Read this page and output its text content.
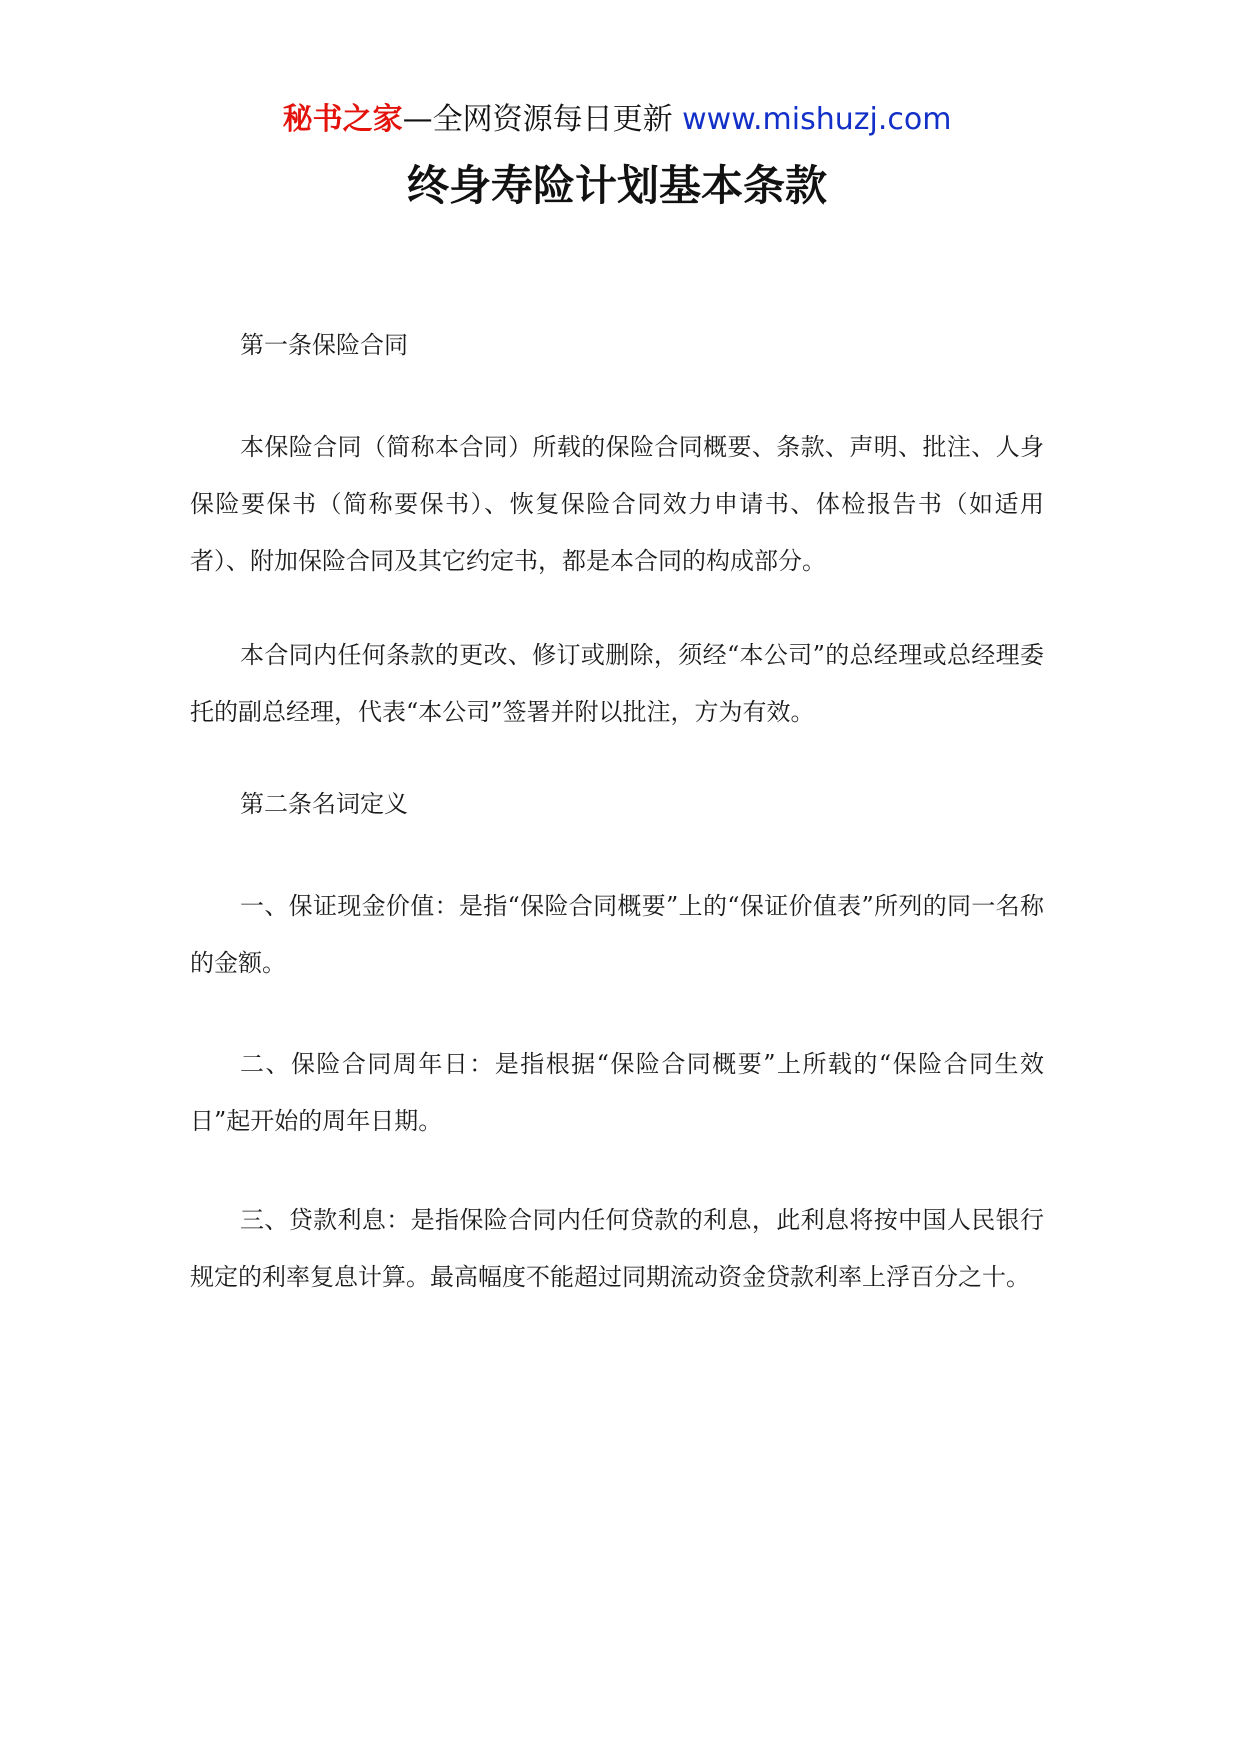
秘书之家—全网资源每日更新 www.mishuzj.com
终身寿险计划基本条款

第一条保险合同

本保险合同（简称本合同）所载的保险合同概要、条款、声明、批注、人身保险要保书（简称要保书）、恢复保险合同效力申请书、体检报告书（如适用者）、附加保险合同及其它约定书，都是本合同的构成部分。

本合同内任何条款的更改、修订或删除，须经“本公司”的总经理或总经理委托的副总经理，代表“本公司”签署并附以批注，方为有效。

第二条名词定义

一、保证现金价值：是指“保险合同概要”上的“保证价值表”所列的同一名称的金额。

二、保险合同周年日：是指根据“保险合同概要”上所载的“保险合同生效日”起开始的周年日期。

三、贷款利息：是指保险合同内任何贷款的利息，此利息将按中国人民银行规定的利率复息计算。最高幅度不能超过同期流动资金贷款利率上浮百分之十。
